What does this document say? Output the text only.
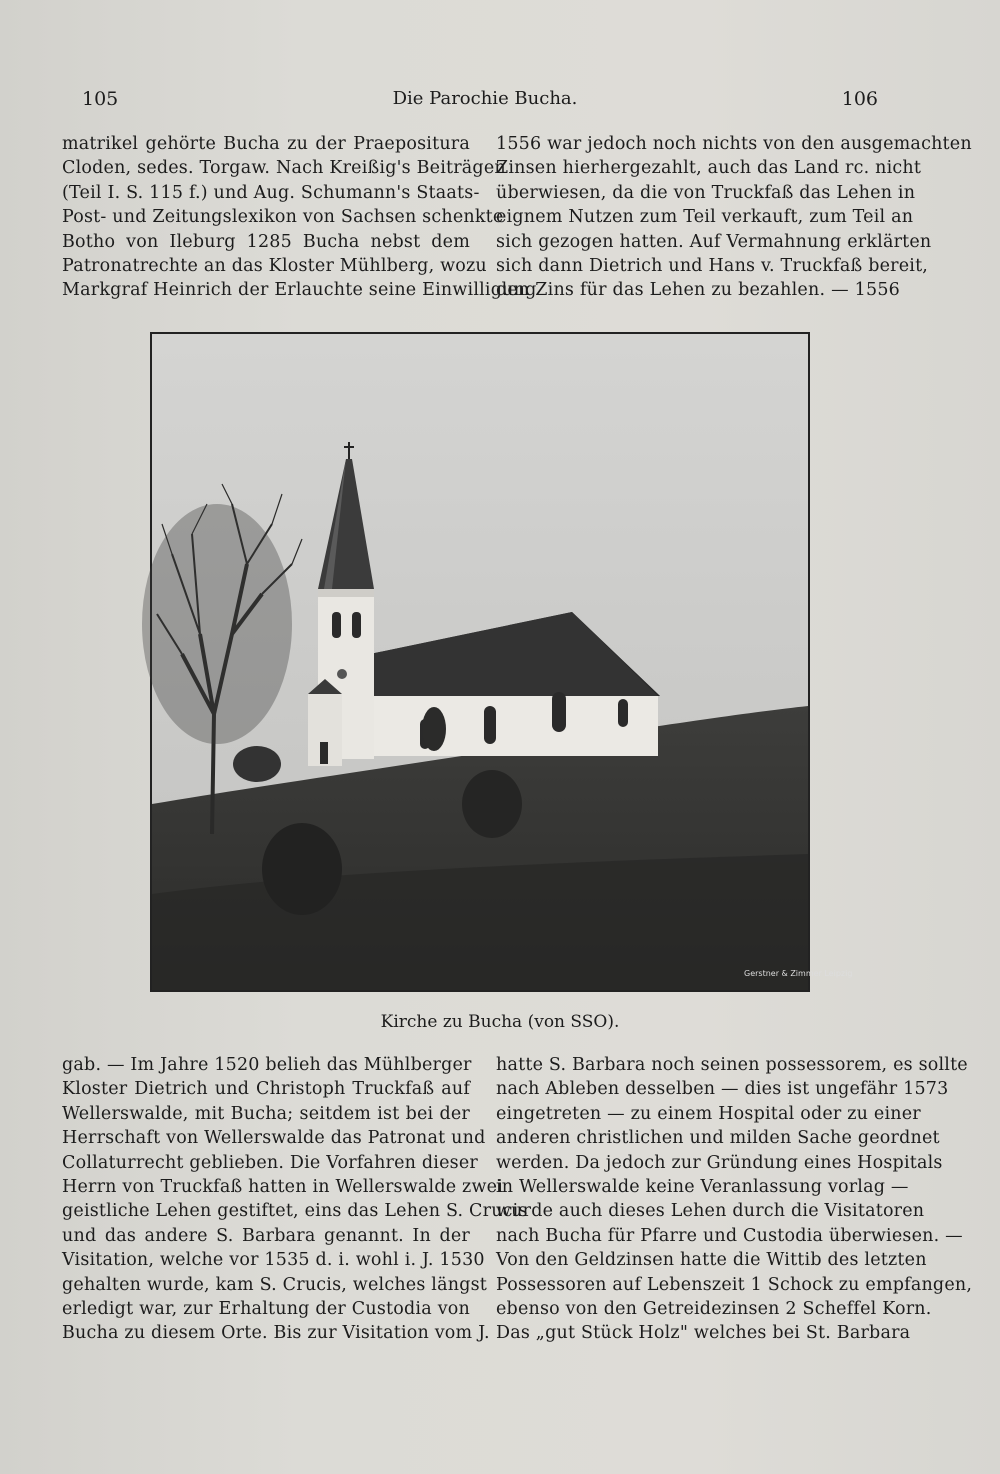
105	Die Parochie Bucha.	106
matrikel gehörte Bucha zu der Praepositura
Cloden, sedes. Torgaw. Nach Kreißig's Beiträgen
(Teil I. S. 115 f.) und Aug. Schumann's Staats-
Post- und Zeitungslexikon von Sachsen schenkte
Botho von Ileburg 1285 Bucha nebst dem
Patronatrechte an das Kloster Mühlberg, wozu
Markgraf Heinrich der Erlauchte seine Einwilligung
1556 war jedoch noch nichts von den ausgemachten
Zinsen hierhergezahlt, auch das Land rc. nicht
überwiesen, da die von Truckfaß das Lehen in
eignem Nutzen zum Teil verkauft, zum Teil an
sich gezogen hatten. Auf Vermahnung erklärten
sich dann Dietrich und Hans v. Truckfaß bereit,
den Zins für das Lehen zu bezahlen. — 1556
Gerstner & Zimmer Leipzig
Kirche zu Bucha (von SSO).
gab. — Im Jahre 1520 belieh das Mühlberger
Kloster Dietrich und Christoph Truckfaß auf
Wellerswalde, mit Bucha; seitdem ist bei der
Herrschaft von Wellerswalde das Patronat und
Collaturrecht geblieben. Die Vorfahren dieser
Herrn von Truckfaß hatten in Wellerswalde zwei
geistliche Lehen gestiftet, eins das Lehen S. Crucis
und das andere S. Barbara genannt. In der
Visitation, welche vor 1535 d. i. wohl i. J. 1530
gehalten wurde, kam S. Crucis, welches längst
erledigt war, zur Erhaltung der Custodia von
Bucha zu diesem Orte. Bis zur Visitation vom J.
hatte S. Barbara noch seinen possessorem, es sollte
nach Ableben desselben — dies ist ungefähr 1573
eingetreten — zu einem Hospital oder zu einer
anderen christlichen und milden Sache geordnet
werden. Da jedoch zur Gründung eines Hospitals
in Wellerswalde keine Veranlassung vorlag —
wurde auch dieses Lehen durch die Visitatoren
nach Bucha für Pfarre und Custodia überwiesen. —
Von den Geldzinsen hatte die Wittib des letzten
Possessoren auf Lebenszeit 1 Schock zu empfangen,
ebenso von den Getreidezinsen 2 Scheffel Korn.
Das „gut Stück Holz" welches bei St. Barbara
